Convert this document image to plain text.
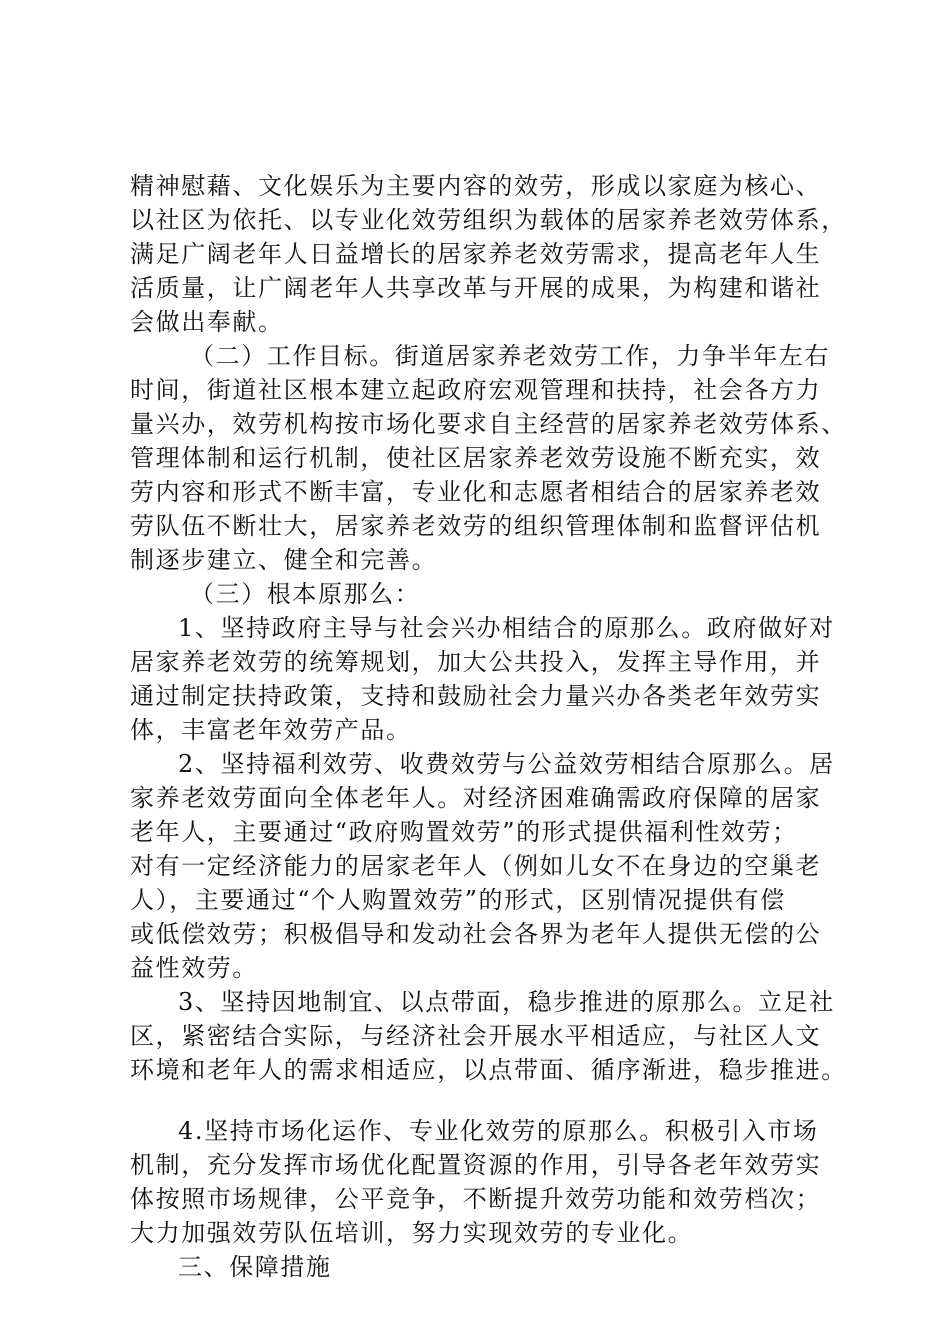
精神慰藉、文化娱乐为主要内容的效劳，形成以家庭为核心、
以社区为依托、以专业化效劳组织为载体的居家养老效劳体系，
满足广阔老年人日益增长的居家养老效劳需求，提高老年人生
活质量，让广阔老年人共享改革与开展的成果，为构建和谐社
会做出奉献。
（二）工作目标。街道居家养老效劳工作，力争半年左右
时间，街道社区根本建立起政府宏观管理和扶持，社会各方力
量兴办，效劳机构按市场化要求自主经营的居家养老效劳体系、
管理体制和运行机制，使社区居家养老效劳设施不断充实，效
劳内容和形式不断丰富，专业化和志愿者相结合的居家养老效
劳队伍不断壮大，居家养老效劳的组织管理体制和监督评估机
制逐步建立、健全和完善。
（三）根本原那么：
1、坚持政府主导与社会兴办相结合的原那么。政府做好对
居家养老效劳的统筹规划，加大公共投入，发挥主导作用，并
通过制定扶持政策，支持和鼓励社会力量兴办各类老年效劳实
体，丰富老年效劳产品。
2、坚持福利效劳、收费效劳与公益效劳相结合原那么。居
家养老效劳面向全体老年人。对经济困难确需政府保障的居家
老年人，主要通过“政府购置效劳”的形式提供福利性效劳；
对有一定经济能力的居家老年人（例如儿女不在身边的空巢老
人），主要通过“个人购置效劳”的形式，区别情况提供有偿
或低偿效劳；积极倡导和发动社会各界为老年人提供无偿的公
益性效劳。
3、坚持因地制宜、以点带面，稳步推进的原那么。立足社
区，紧密结合实际，与经济社会开展水平相适应，与社区人文
环境和老年人的需求相适应，以点带面、循序渐进，稳步推进。
4.坚持市场化运作、专业化效劳的原那么。积极引入市场
机制，充分发挥市场优化配置资源的作用，引导各老年效劳实
体按照市场规律，公平竞争，不断提升效劳功能和效劳档次；
大力加强效劳队伍培训，努力实现效劳的专业化。
三、保障措施
